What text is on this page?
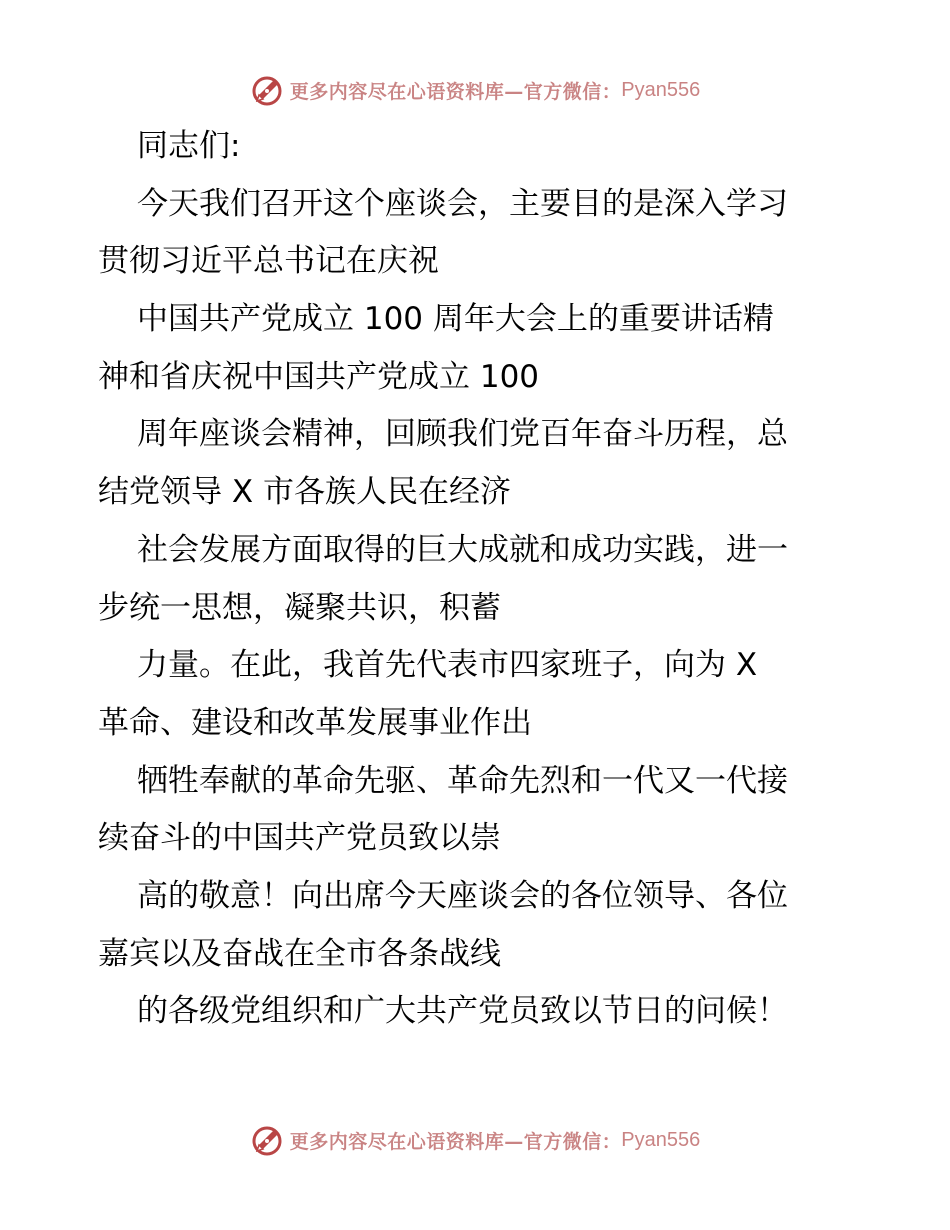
更多内容尽在心语资料库—官方微信： Pyan556
同志们:
今天我们召开这个座谈会，主要目的是深入学习
贯彻习近平总书记在庆祝
中国共产党成立 100 周年大会上的重要讲话精
神和省庆祝中国共产党成立 100
周年座谈会精神，回顾我们党百年奋斗历程，总
结党领导 X 市各族人民在经济
社会发展方面取得的巨大成就和成功实践，进一
步统一思想，凝聚共识，积蓄
力量。在此，我首先代表市四家班子，向为 X
革命、建设和改革发展事业作出
牺牲奉献的革命先驱、革命先烈和一代又一代接
续奋斗的中国共产党员致以崇
高的敬意！向出席今天座谈会的各位领导、各位
嘉宾以及奋战在全市各条战线
的各级党组织和广大共产党员致以节日的问候！
更多内容尽在心语资料库—官方微信： Pyan556
